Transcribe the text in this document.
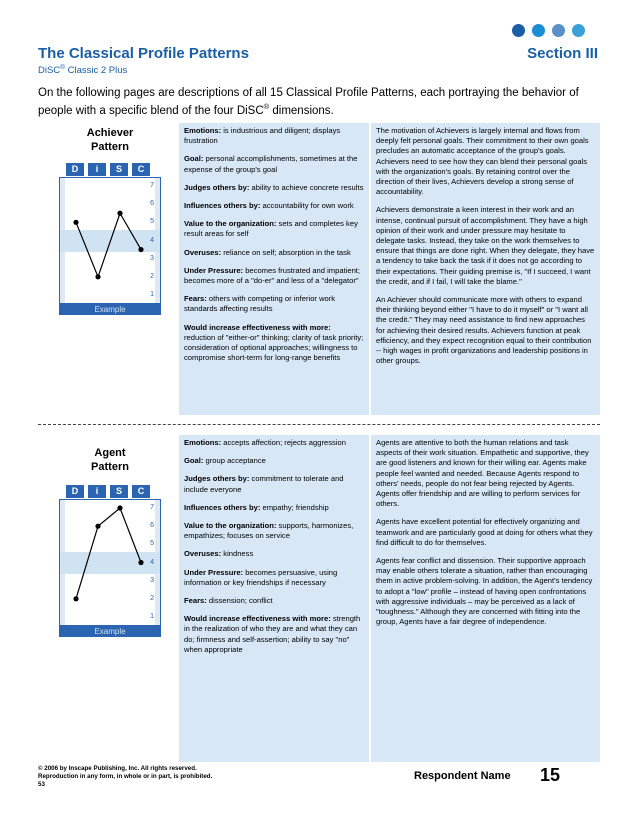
The Classical Profile Patterns	Section III
DiSC® Classic 2 Plus
On the following pages are descriptions of all 15 Classical Profile Patterns, each portraying the behavior of people with a specific blend of the four DiSC® dimensions.
Achiever
Pattern
D	i	S	C
7
6
5
4
3
2
1
Example

Emotions: is industrious and diligent; displays frustration

Goal: personal accomplishments, sometimes at the expense of the group's goal

Judges others by: ability to achieve concrete results

Influences others by: accountability for own work

Value to the organization: sets and completes key result areas for self

Overuses: reliance on self; absorption in the task

Under Pressure: becomes frustrated and impatient; becomes more of a "do-er" and less of a "delegator"

Fears: others with competing or inferior work standards affecting results

Would increase effectiveness with more: reduction of "either-or" thinking; clarity of task priority; consideration of optional approaches; willingness to compromise short-term for long-range benefits

The motivation of Achievers is largely internal and flows from deeply felt personal goals. Their commitment to their own goals precludes an automatic acceptance of the group's goals. Achievers need to see how they can blend their personal goals with the organization's goals. By retaining control over the direction of their lives, Achievers develop a strong sense of accountability.

Achievers demonstrate a keen interest in their work and an intense, continual pursuit of accomplishment. They have a high opinion of their work and under pressure may hesitate to delegate tasks. Instead, they take on the work themselves to ensure that things are done right. When they delegate, they have a tendency to take back the task if it does not go according to their expectations. Their guiding premise is, "If I succeed, I want the credit, and if I fail, I will take the blame."

An Achiever should communicate more with others to expand their thinking beyond either "I have to do it myself" or "I want all the credit." They may need assistance to find new approaches for achieving their desired results. Achievers function at peak efficiency, and they expect recognition equal to their contribution -- high wages in profit organizations and leadership positions in other groups.

Agent
Pattern
D	i	S	C
7
6
5
4
3
2
1
Example

Emotions: accepts affection; rejects aggression

Goal: group acceptance

Judges others by: commitment to tolerate and include everyone

Influences others by: empathy; friendship

Value to the organization: supports, harmonizes, empathizes; focuses on service

Overuses: kindness

Under Pressure: becomes persuasive, using information or key friendships if necessary

Fears: dissension; conflict

Would increase effectiveness with more: strength in the realization of who they are and what they can do; firmness and self-assertion; ability to say "no" when appropriate

Agents are attentive to both the human relations and task aspects of their work situation. Empathetic and supportive, they are good listeners and known for their willing ear. Agents make people feel wanted and needed. Because Agents respond to others' needs, people do not fear being rejected by Agents. Agents offer friendship and are willing to perform services for others.

Agents have excellent potential for effectively organizing and teamwork and are particularly good at doing for others what they find difficult to do for themselves.

Agents fear conflict and dissension. Their supportive approach may enable others tolerate a situation, rather than encouraging them in active problem-solving. In addition, the Agent's tendency to adopt a "low" profile – instead of having open confrontations with aggressive individuals – may be perceived as a lack of "toughness." Although they are concerned with fitting into the group, Agents have a fair degree of independence.

© 2006 by Inscape Publishing, Inc. All rights reserved.
Reproduction in any form, in whole or in part, is prohibited.
53
Respondent Name 15
